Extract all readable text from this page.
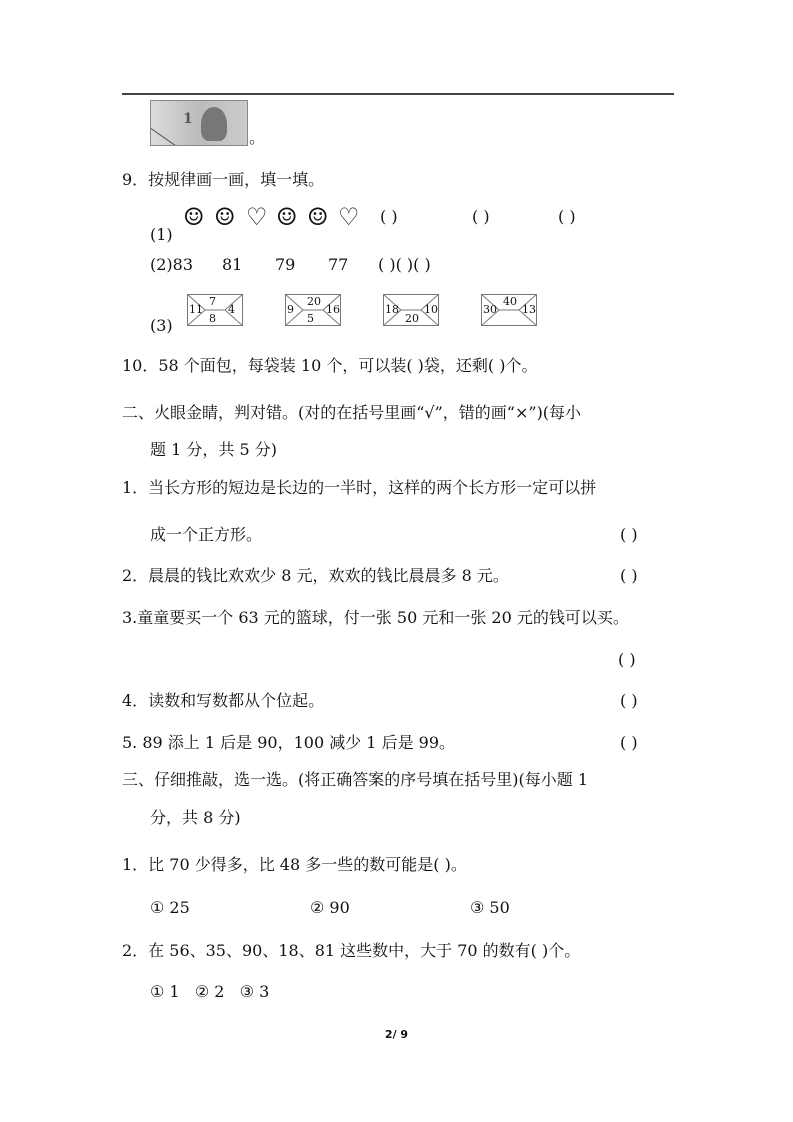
1
。
9．按规律画一画，填一填。
(1)
☺ ☺ ♡ ☺ ☺ ♡ ( )	( )	( )
(2)83 81 79 77 ( )( )( )
(3)
11
7
8
4	9
20
5
16	18
20
10	30
40
13
10．58 个面包，每袋装 10 个，可以装( )袋，还剩( )个。
二、火眼金睛，判对错。(对的在括号里画“√”，错的画“×”)(每小
题 1 分，共 5 分)
1．当长方形的短边是长边的一半时，这样的两个长方形一定可以拼
成一个正方形。	( )
2．晨晨的钱比欢欢少 8 元，欢欢的钱比晨晨多 8 元。	( )
3.童童要买一个 63 元的篮球，付一张 50 元和一张 20 元的钱可以买。
( )
4．读数和写数都从个位起。	( )
5. 89 添上 1 后是 90，100 减少 1 后是 99。	( )
三、仔细推敲，选一选。(将正确答案的序号填在括号里)(每小题 1
分，共 8 分)
1．比 70 少得多，比 48 多一些的数可能是( )。
① 25	② 90	③ 50
2．在 56、35、90、18、81 这些数中，大于 70 的数有( )个。
① 1   ② 2   ③ 3
2/ 9
